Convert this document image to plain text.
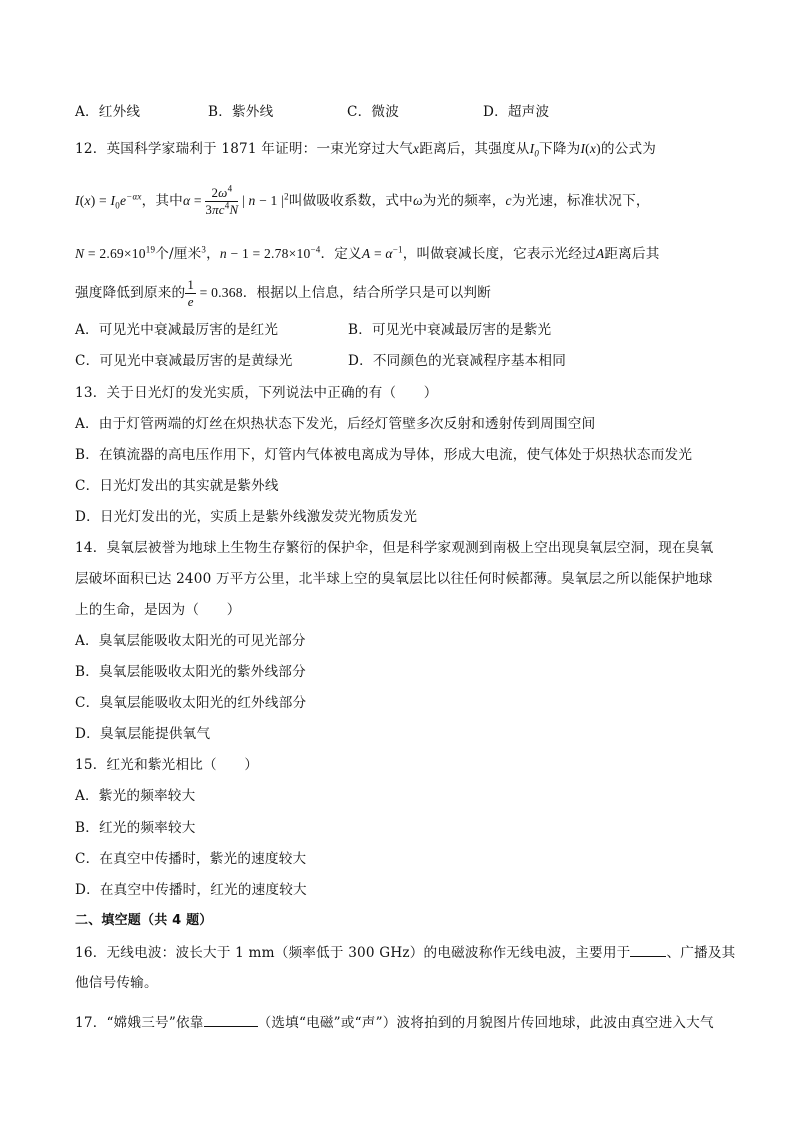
A．红外线	B．紫外线	C．微波	D．超声波
12．英国科学家瑞利于 1871 年证明：一束光穿过大气x距离后，其强度从$I_0$下降为I(x)的公式为
$I(x) = I_0e^{-\alpha x}$，其中$\alpha = \frac{2\omega^4}{3\pi c^4N}$ | n − 1 $|^2$叫做吸收系数，式中ω为光的频率，c为光速，标准状况下，
$N = 2.69\times 10^{19}$个/厘米$^3$，$n - 1 = 2.78\times 10^{-4}$．定义$A = \alpha^{-1}$，叫做衰减长度，它表示光经过A距离后其
强度降低到原来的 $\frac{1}{e} = 0.368$．根据以上信息，结合所学只是可以判断
A．可见光中衰减最厉害的是红光	B．可见光中衰减最厉害的是紫光
C．可见光中衰减最厉害的是黄绿光	D．不同颜色的光衰减程序基本相同
13．关于日光灯的发光实质，下列说法中正确的有（　　）
A．由于灯管两端的灯丝在炽热状态下发光，后经灯管壁多次反射和透射传到周围空间
B．在镇流器的高电压作用下，灯管内气体被电离成为导体，形成大电流，使气体处于炽热状态而发光
C．日光灯发出的其实就是紫外线
D．日光灯发出的光，实质上是紫外线激发荧光物质发光
14．臭氧层被誉为地球上生物生存繁衍的保护伞，但是科学家观测到南极上空出现臭氧层空洞，现在臭氧
层破坏面积已达 2400 万平方公里，北半球上空的臭氧层比以往任何时候都薄。臭氧层之所以能保护地球
上的生命，是因为（　　）
A．臭氧层能吸收太阳光的可见光部分
B．臭氧层能吸收太阳光的紫外线部分
C．臭氧层能吸收太阳光的红外线部分
D．臭氧层能提供氧气
15．红光和紫光相比（　　）
A．紫光的频率较大
B．红光的频率较大
C．在真空中传播时，紫光的速度较大
D．在真空中传播时，红光的速度较大
二、填空题（共 4 题）
16．无线电波：波长大于 1 mm（频率低于 300 GHz）的电磁波称作无线电波，主要用于	、广播及其
他信号传输。
17．“嫦娥三号”依靠	（选填“电磁”或“声”）波将拍到的月貌图片传回地球，此波由真空进入大气
